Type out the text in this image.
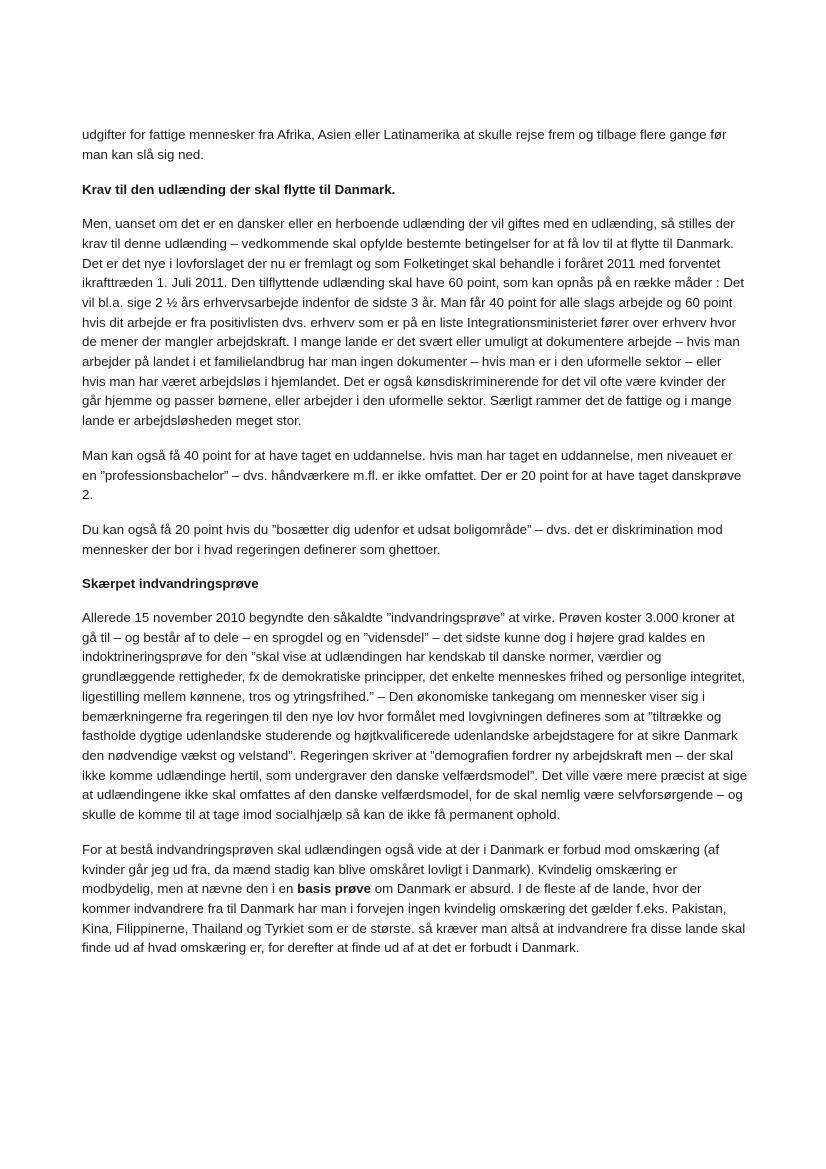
udgifter for fattige mennesker fra Afrika, Asien eller Latinamerika at skulle rejse frem og tilbage flere gange før man kan slå sig ned.

Krav til den udlænding der skal flytte til Danmark.

Men, uanset om det er en dansker eller en herboende udlænding der vil giftes med en udlænding, så stilles der krav til denne udlænding – vedkommende skal opfylde bestemte betingelser for at få lov til at flytte til Danmark. Det er det nye i lovforslaget der nu er fremlagt og som Folketinget skal behandle i foråret 2011 med forventet ikrafttræden 1. Juli 2011. Den tilflyttende udlænding skal have 60 point, som kan opnås på en række måder : Det vil bl.a. sige 2 ½ års erhvervsarbejde indenfor de sidste 3 år. Man får 40 point for alle slags arbejde og 60 point hvis dit arbejde er fra positivlisten dvs. erhverv som er på en liste Integrationsministeriet fører over erhverv hvor de mener der mangler arbejdskraft. I mange lande er det svært eller umuligt at dokumentere arbejde – hvis man arbejder på landet i et familielandbrug har man ingen dokumenter – hvis man er i den uformelle sektor – eller hvis man har været arbejdsløs i hjemlandet. Det er også kønsdiskriminerende for det vil ofte være kvinder der går hjemme og passer børnene, eller arbejder i den uformelle sektor. Særligt rammer det de fattige og i mange lande er arbejdsløsheden meget stor.

Man kan også få 40 point for at have taget en uddannelse. hvis man har taget en uddannelse, men niveauet er en ”professionsbachelor” – dvs. håndværkere m.fl. er ikke omfattet. Der er 20 point for at have taget danskprøve 2.

Du kan også få 20 point hvis du ”bosætter dig udenfor et udsat boligområde” – dvs. det er diskrimination mod mennesker der bor i hvad regeringen definerer som ghettoer.

Skærpet indvandringsprøve

Allerede 15 november 2010 begyndte den såkaldte ”indvandringsprøve” at virke. Prøven koster 3.000 kroner at gå til – og består af to dele – en sprogdel og en ”vidensdel” – det sidste kunne dog i højere grad kaldes en indoktrineringsprøve for den ”skal vise at udlændingen har kendskab til danske normer, værdier og grundlæggende rettigheder, fx de demokratiske principper, det enkelte menneskes frihed og personlige integritet, ligestilling mellem kønnene, tros og ytringsfrihed.” – Den økonomiske tankegang om mennesker viser sig i bemærkningerne fra regeringen til den nye lov hvor formålet med lovgivningen defineres som at ”tiltrække og fastholde dygtige udenlandske studerende og højtkvalificerede udenlandske arbejdstagere for at sikre Danmark den nødvendige vækst og velstand”. Regeringen skriver at ”demografien fordrer ny arbejdskraft men – der skal ikke komme udlændinge hertil, som undergraver den danske velfærdsmodel”. Det ville være mere præcist at sige at udlændingene ikke skal omfattes af den danske velfærdsmodel, for de skal nemlig være selvforsørgende – og skulle de komme til at tage imod socialhjælp så kan de ikke få permanent ophold.

For at bestå indvandringsprøven skal udlændingen også vide at der i Danmark er forbud mod omskæring (af kvinder går jeg ud fra, da mænd stadig kan blive omskåret lovligt i Danmark). Kvindelig omskæring er modbydelig, men at nævne den i en basis prøve om Danmark er absurd. I de fleste af de lande, hvor der kommer indvandrere fra til Danmark har man i forvejen ingen kvindelig omskæring det gælder f.eks. Pakistan, Kina, Filippinerne, Thailand og Tyrkiet som er de største. så kræver man altså at indvandrere fra disse lande skal finde ud af hvad omskæring er, for derefter at finde ud af at det er forbudt i Danmark.
